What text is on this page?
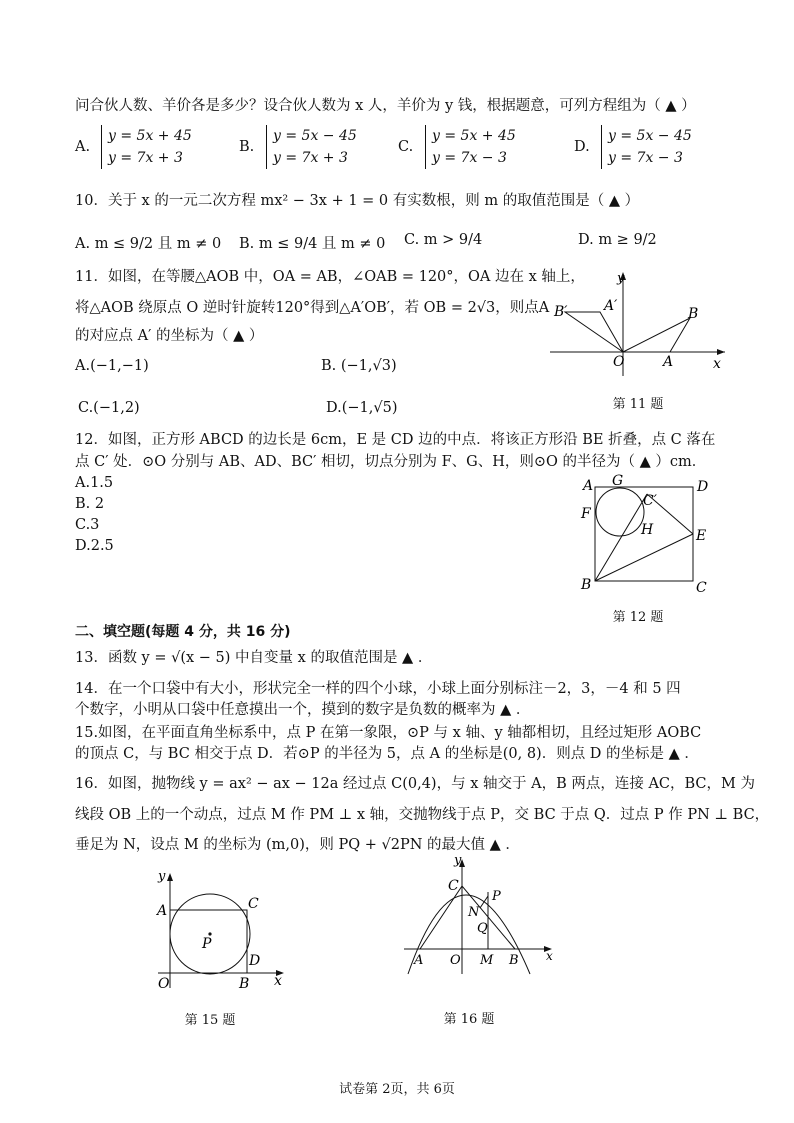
问合伙人数、羊价各是多少？设合伙人数为 x 人，羊价为 y 钱，根据题意，可列方程组为（ ▲ ）
A.
y = 5x + 45
y = 7x + 3
B.
y = 5x − 45
y = 7x + 3
C.
y = 5x + 45
y = 7x − 3
D.
y = 5x − 45
y = 7x − 3
10．关于 x 的一元二次方程 mx² − 3x + 1 = 0 有实数根，则 m 的取值范围是（ ▲ ）
A. m ≤ 9/2 且 m ≠ 0 B. m ≤ 9/4 且 m ≠ 0 C. m > 9/4	D. m ≥ 9/2
11．如图，在等腰△AOB 中，OA = AB，∠OAB = 120°，OA 边在 x 轴上，
将△AOB 绕原点 O 逆时针旋转120°得到△A′OB′，若 OB = 2√3，则点A
的对应点 A′ 的坐标为（ ▲ ）
A.(−1,−1)	B. (−1,√3)
C.(−1,2)	D.(−1,√5)
y
x
O	A
B
A′
B′
第 11 题
12．如图，正方形 ABCD 的边长是 6cm，E 是 CD 边的中点．将该正方形沿 BE 折叠，点 C 落在
点 C′ 处．⊙O 分别与 AB、AD、BC′ 相切，切点分别为 F、G、H，则⊙O 的半径为（ ▲ ）cm．
A.1.5
B. 2
C.3
D.2.5
A G
C′
D
F
H	E
B	C
第 12 题
二、填空题(每题 4 分，共 16 分)
13．函数 y = √(x − 5) 中自变量 x 的取值范围是 ▲ ．
14．在一个口袋中有大小，形状完全一样的四个小球，小球上面分别标注－2，3，－4 和 5 四
个数字，小明从口袋中任意摸出一个，摸到的数字是负数的概率为 ▲ ．
15.如图，在平面直角坐标系中，点 P 在第一象限，⊙P 与 x 轴、y 轴都相切，且经过矩形 AOBC
的顶点 C，与 BC 相交于点 D．若⊙P 的半径为 5，点 A 的坐标是(0, 8)．则点 D 的坐标是 ▲ ．
16．如图，抛物线 y = ax² − ax − 12a 经过点 C(0,4)，与 x 轴交于 A，B 两点，连接 AC，BC，M 为
线段 OB 上的一个动点，过点 M 作 PM ⊥ x 轴，交抛物线于点 P，交 BC 于点 Q．过点 P 作 PN ⊥ BC，
垂足为 N，设点 M 的坐标为 (m,0)，则 PQ + √2PN 的最大值 ▲ ．
y
x
A	C
P
D
O	B
第 15 题
y
x
C
P
N
Q
A O M B
第 16 题
试卷第 2页，共 6页
